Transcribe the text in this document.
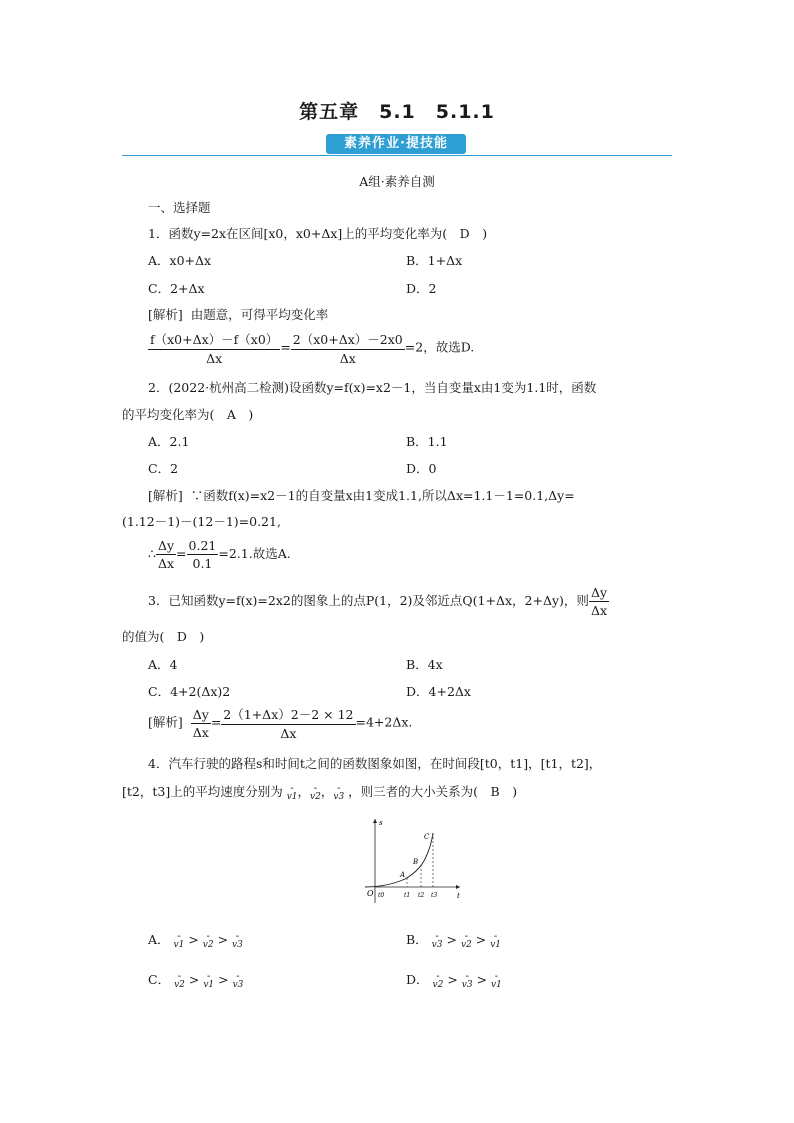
第五章　5.1　5.1.1
素养作业·提技能
A组·素养自测
一、选择题
1．函数y=2x在区间[x0，x0+Δx]上的平均变化率为(　D　)
A．x0+Δx	B．1+Δx
C．2+Δx	D．2
[解析] 由题意，可得平均变化率
$\frac{f(x0+\Delta x)-f(x0)}{\Delta x} = \frac{2(x0+\Delta x)-2x0}{\Delta x} =2$，故选D.
2．(2022·杭州高二检测)设函数y=f(x)=x2－1，当自变量x由1变为1.1时，函数
的平均变化率为(　A　)
A．2.1	B．1.1
C．2	D．0
[解析] ∵函数f(x)=x2－1的自变量x由1变成1.1,所以Δx=1.1－1=0.1,Δy=
(1.12－1)－(12－1)=0.21,
∴ $\frac{\Delta y}{\Delta x} = \frac{0.21}{0.1} =2.1$.故选A.
3．已知函数y=f(x)=2x2的图象上的点P(1，2)及邻近点Q(1+Δx，2+Δy)，则 $\frac{\Delta y}{\Delta x}$
的值为(　D　)
A．4	B．4x
C．4+2(Δx)2	D．4+2Δx
[解析] $\frac{\Delta y}{\Delta x} = \frac{2(1+\Delta x)2-2 \times 12}{\Delta x} =4+2\Delta x$.
4．汽车行驶的路程s和时间t之间的函数图象如图，在时间段[t0，t1]，[t1，t2]，
[t2，t3]上的平均速度分别为 -
v1 ， -
v2 ， -
v3 ，则三者的大小关系为(　B　)
s
t
O
A
B
C
t0	t1 t2 t3
A． -
v1 > -
v2 > -
v3	B． -
v3 > -
v2 > -
v1
C． -
v2 > -
v1 > -
v3	D． -
v2 > -
v3 > -
v1
